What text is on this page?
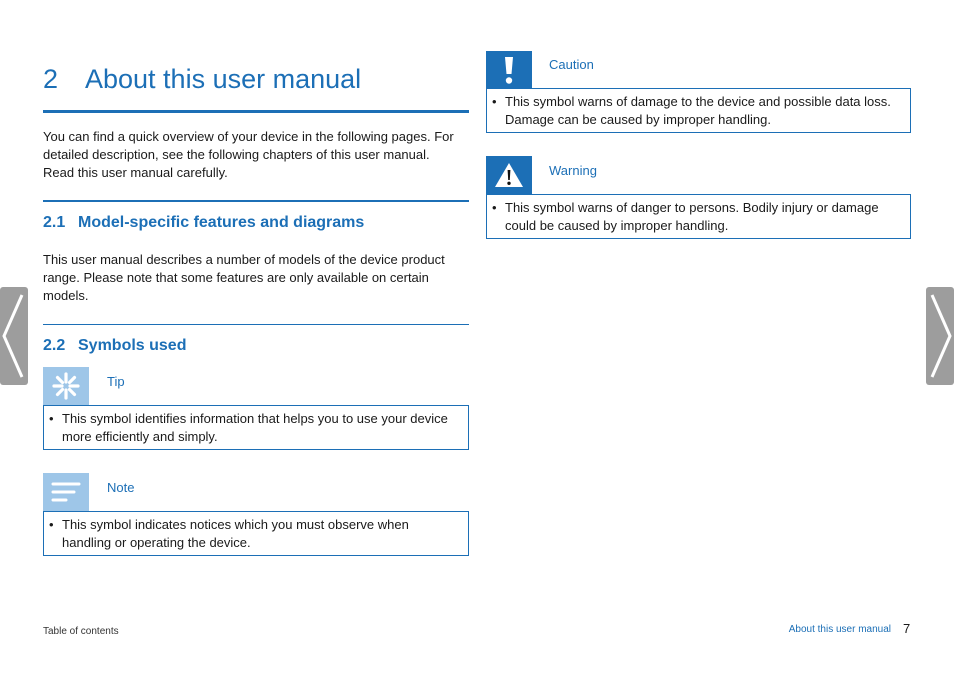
2 About this user manual
You can find a quick overview of your device in the following pages. For detailed description, see the following chapters of this user manual. Read this user manual carefully.
2.1 Model-specific features and diagrams
This user manual describes a number of models of the device product range. Please note that some features are only available on certain models.
2.2 Symbols used
Tip
• This symbol identifies information that helps you to use your device more efficiently and simply.
Note
• This symbol indicates notices which you must observe when handling or operating the device.
Caution
• This symbol warns of damage to the device and possible data loss. Damage can be caused by improper handling.
Warning
• This symbol warns of danger to persons. Bodily injury or damage could be caused by improper handling.
Table of contents	About this user manual 7
